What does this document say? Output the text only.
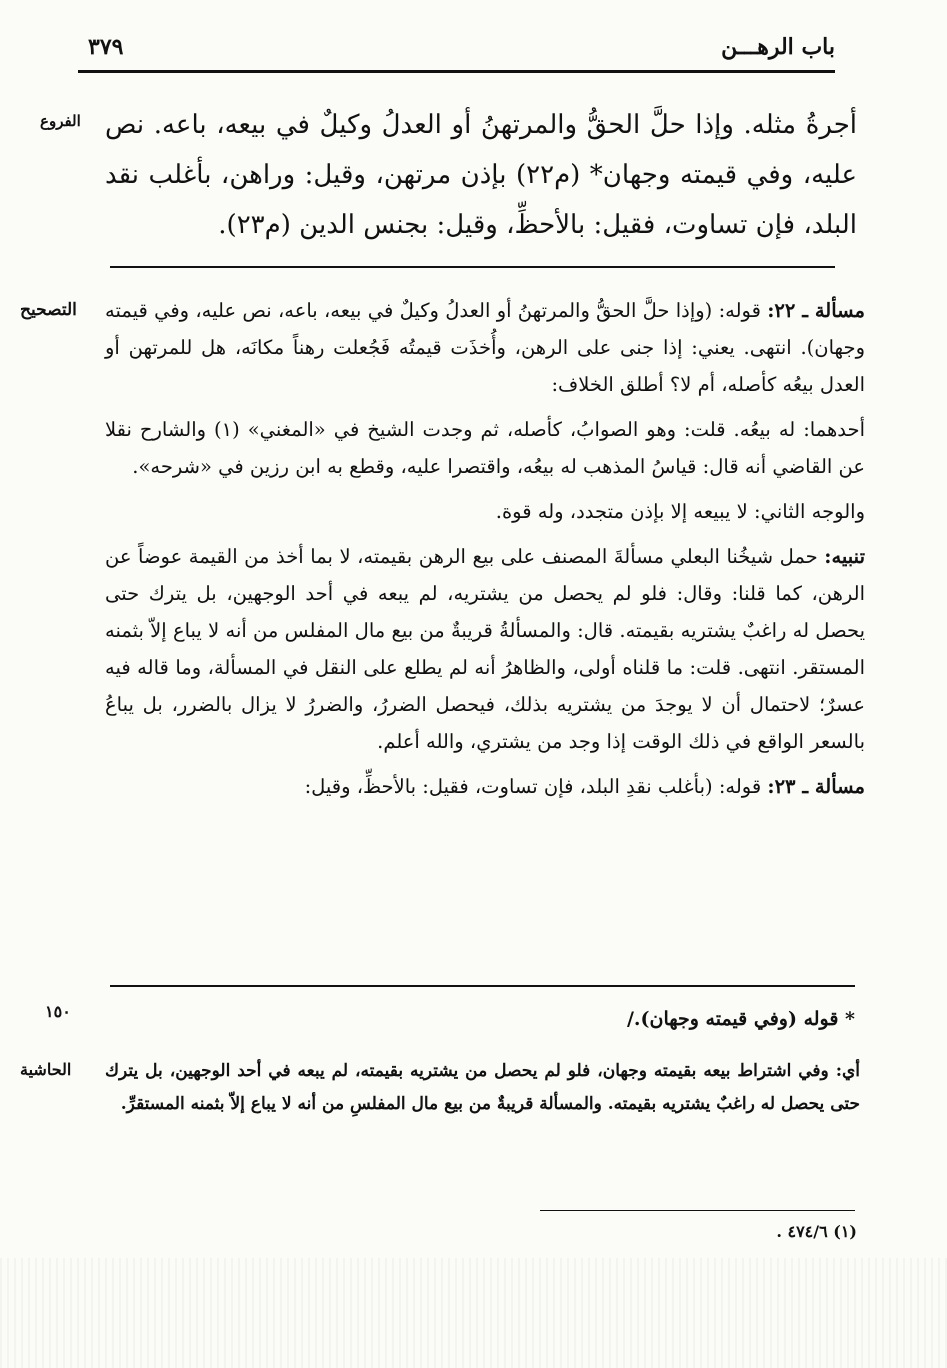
باب الرهـــن
٣٧٩
الفروع أجرةُ مثله. وإذا حلَّ الحقُّ والمرتهنُ أو العدلُ وكيلٌ في بيعه، باعه. نص عليه، وفي قيمته وجهان* (م٢٢) بإذن مرتهن، وقيل: وراهن، بأغلب نقد البلد، فإن تساوت، فقيل: بالأحظِّ، وقيل: بجنس الدين (م٢٣).
التصحيح	مسألة ـ ٢٢: قوله: (وإذا حلَّ الحقُّ والمرتهنُ أو العدلُ وكيلٌ في بيعه، باعه، نص عليه، وفي قيمته وجهان). انتهى. يعني: إذا جنى على الرهن، وأُخذَت قيمتُه فَجُعلت رهناً مكانَه، هل للمرتهن أو العدل بيعُه كأصله، أم لا؟ أطلق الخلاف:

أحدهما: له بيعُه. قلت: وهو الصوابُ، كأصله، ثم وجدت الشيخ في «المغني» (١) والشارح نقلا عن القاضي أنه قال: قياسُ المذهب له بيعُه، واقتصرا عليه، وقطع به ابن رزين في «شرحه».

والوجه الثاني: لا يبيعه إلا بإذن متجدد، وله قوة.

تنبيه: حمل شيخُنا البعلي مسألةَ المصنف على بيع الرهن بقيمته، لا بما أخذ من القيمة عوضاً عن الرهن، كما قلنا: وقال: فلو لم يحصل من يشتريه، لم يبعه في أحد الوجهين، بل يترك حتى يحصل له راغبٌ يشتريه بقيمته. قال: والمسألةُ قريبةٌ من بيع مال المفلس من أنه لا يباع إلاّ بثمنه المستقر. انتهى. قلت: ما قلناه أولى، والظاهرُ أنه لم يطلع على النقل في المسألة، وما قاله فيه عسرٌ؛ لاحتمال أن لا يوجدَ من يشتريه بذلك، فيحصل الضررُ، والضررُ لا يزال بالضرر، بل يباعُ بالسعر الواقع في ذلك الوقت إذا وجد من يشتري، والله أعلم.

مسألة ـ ٢٣: قوله: (بأغلب نقدِ البلد، فإن تساوت، فقيل: بالأحظِّ، وقيل:

١٥٠	* قوله (وفي قيمته وجهان)./
الحاشية أي: وفي اشتراط بيعه بقيمته وجهان، فلو لم يحصل من يشتريه بقيمته، لم يبعه في أحد الوجهين، بل يترك حتى يحصل له راغبٌ يشتريه بقيمته. والمسألة قريبةٌ من بيع مال المفلسِ من أنه لا يباع إلاّ بثمنه المستقرِّ.
(١) ٤٧٤/٦ .
